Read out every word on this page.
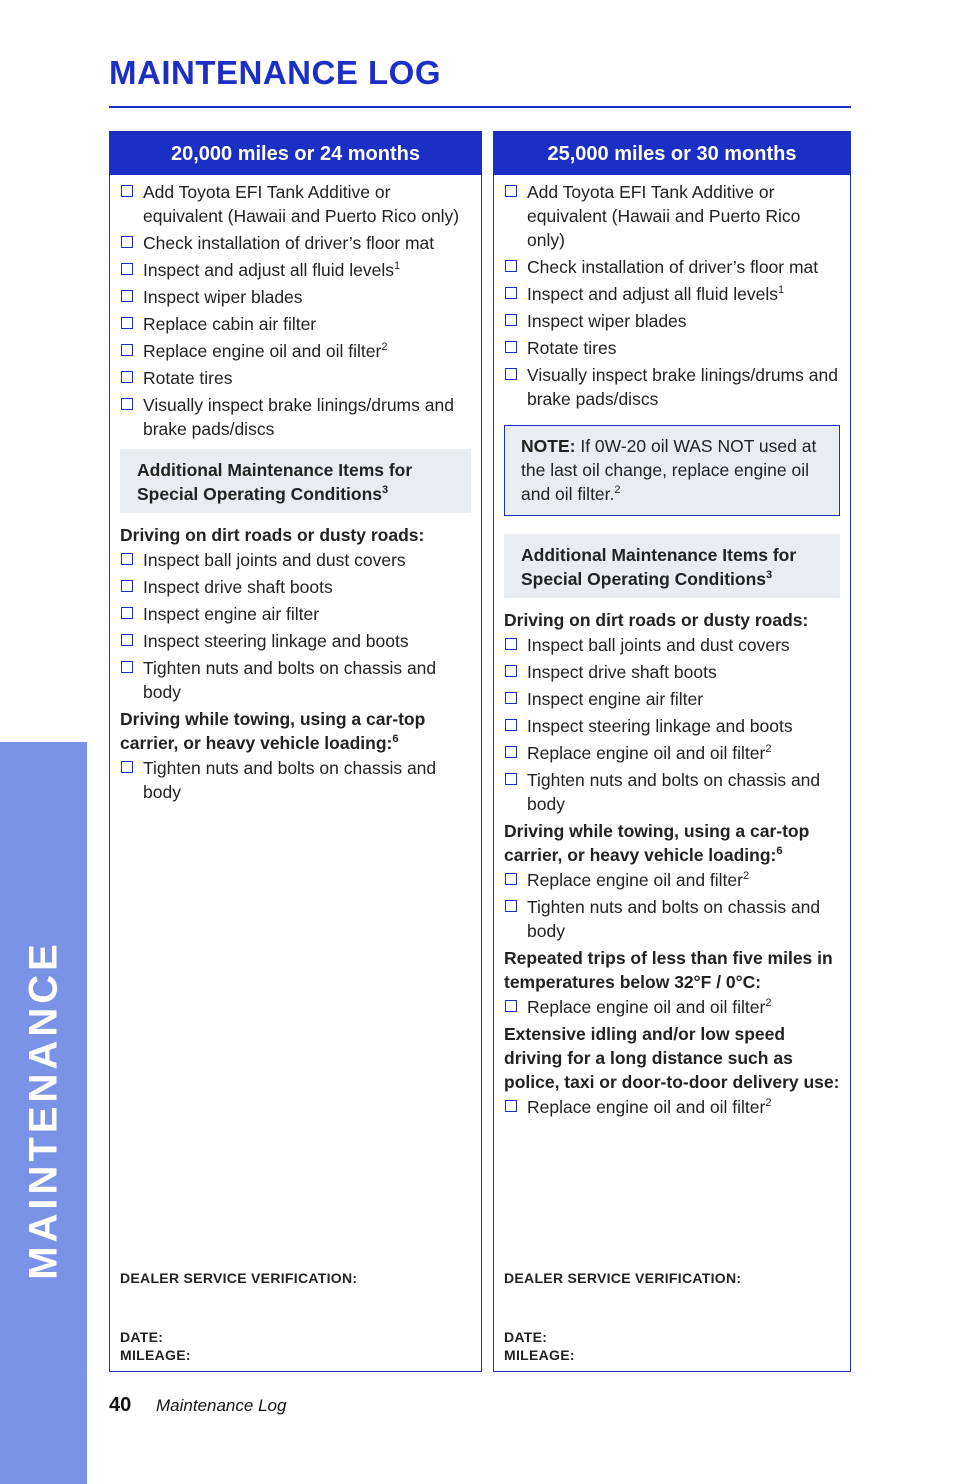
MAINTENANCE
MAINTENANCE LOG
20,000 miles or 24 months
Add Toyota EFI Tank Additive or equivalent (Hawaii and Puerto Rico only)
Check installation of driver’s floor mat
Inspect and adjust all fluid levels$^1$
Inspect wiper blades
Replace cabin air filter
Replace engine oil and oil filter$^2$
Rotate tires
Visually inspect brake linings/drums and brake pads/discs
Additional Maintenance Items for Special Operating Conditions$^3$
Driving on dirt roads or dusty roads:
Inspect ball joints and dust covers
Inspect drive shaft boots
Inspect engine air filter
Inspect steering linkage and boots
Tighten nuts and bolts on chassis and body
Driving while towing, using a car-top carrier, or heavy vehicle loading:$^6$
Tighten nuts and bolts on chassis and body
DEALER SERVICE VERIFICATION:
DATE:
MILEAGE:
25,000 miles or 30 months
Add Toyota EFI Tank Additive or equivalent (Hawaii and Puerto Rico only)
Check installation of driver’s floor mat
Inspect and adjust all fluid levels$^1$
Inspect wiper blades
Rotate tires
Visually inspect brake linings/drums and brake pads/discs
NOTE: If 0W-20 oil WAS NOT used at the last oil change, replace engine oil and oil filter.$^2$
Additional Maintenance Items for Special Operating Conditions$^3$
Driving on dirt roads or dusty roads:
Inspect ball joints and dust covers
Inspect drive shaft boots
Inspect engine air filter
Inspect steering linkage and boots
Replace engine oil and oil filter$^2$
Tighten nuts and bolts on chassis and body
Driving while towing, using a car-top carrier, or heavy vehicle loading:$^6$
Replace engine oil and filter$^2$
Tighten nuts and bolts on chassis and body
Repeated trips of less than five miles in temperatures below 32°F / 0°C:
Replace engine oil and oil filter$^2$
Extensive idling and/or low speed driving for a long distance such as police, taxi or door-to-door delivery use:
Replace engine oil and oil filter$^2$
DEALER SERVICE VERIFICATION:
DATE:
MILEAGE:
40 Maintenance Log
